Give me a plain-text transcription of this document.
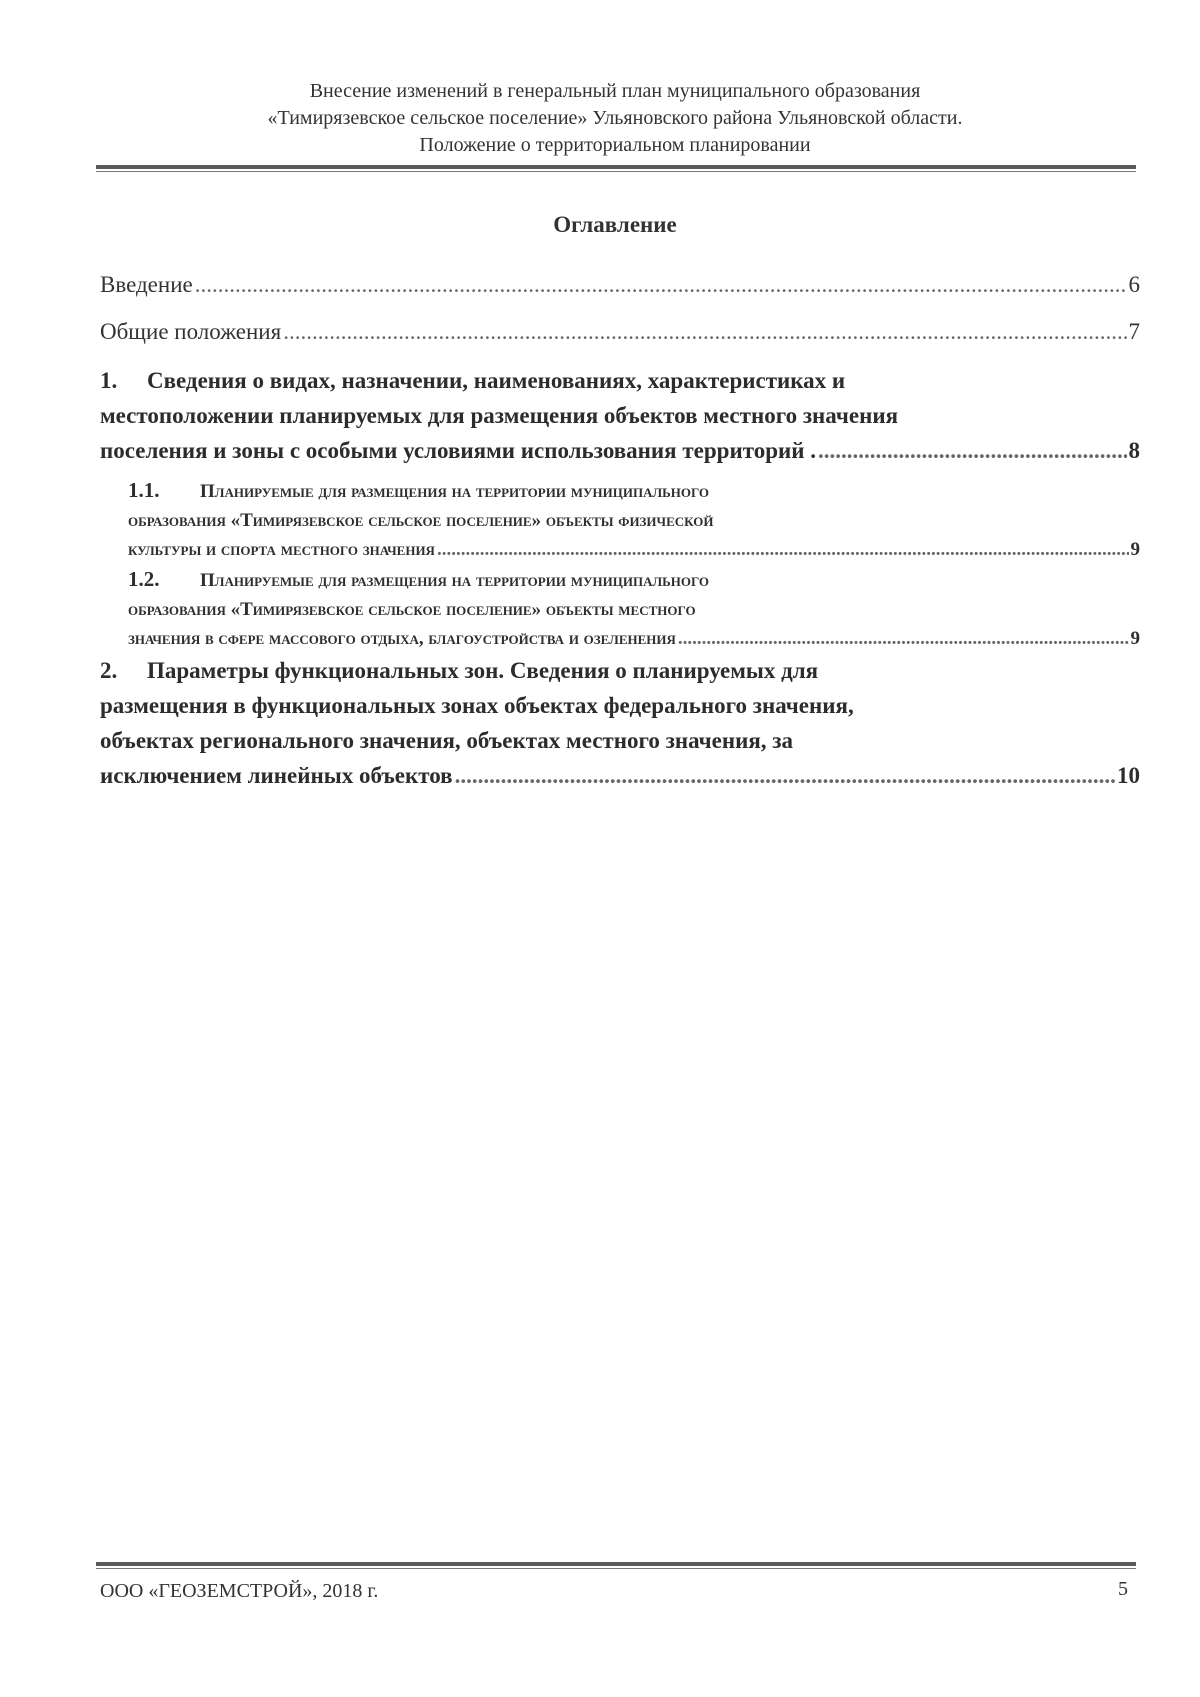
Внесение изменений в генеральный план муниципального образования
«Тимирязевское сельское поселение» Ульяновского района Ульяновской области.
Положение о территориальном планировании
Оглавление
Введение .....	6
Общие положения .....	7
1. Сведения о видах, назначении, наименованиях, характеристиках и
местоположении планируемых для размещения объектов местного значения
поселения и зоны с особыми условиями использования территорий . .....	8
1.1. Планируемые для размещения на территории муниципального
образования «Тимирязевское сельское поселение» объекты физической
культуры и спорта местного значения .....	9
1.2. Планируемые для размещения на территории муниципального
образования «Тимирязевское сельское поселение» объекты местного
значения в сфере массового отдыха, благоустройства и озеленения .....	9
2. Параметры функциональных зон. Сведения о планируемых для
размещения в функциональных зонах объектах федерального значения,
объектах регионального значения, объектах местного значения, за
исключением линейных объектов .....	10
ООО «ГЕОЗЕМСТРОЙ», 2018 г.	5
